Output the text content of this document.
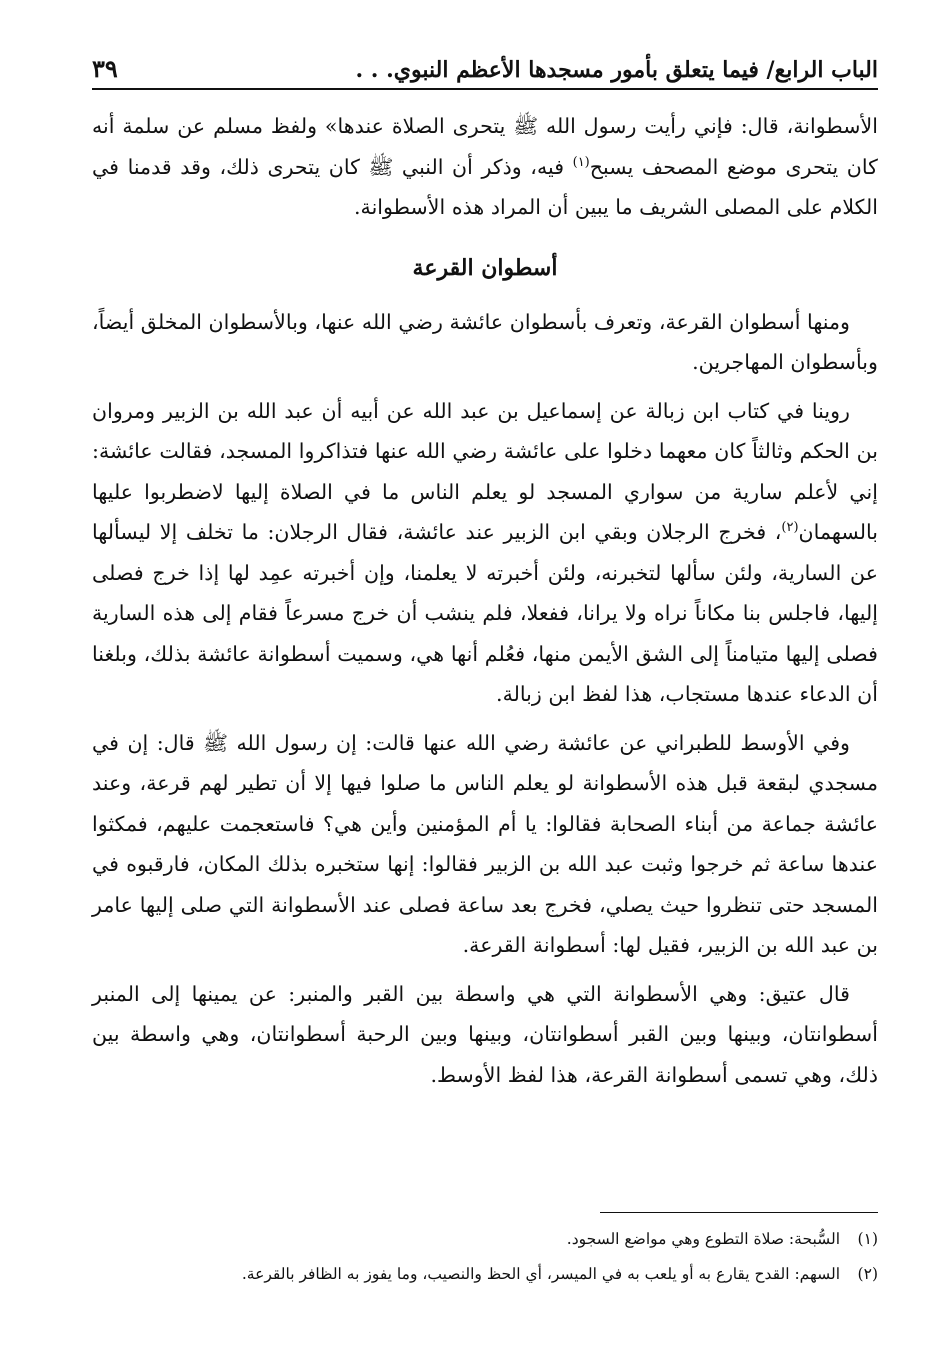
الباب الرابع/ فيما يتعلق بأمور مسجدها الأعظم النبوي. . .
٣٩

الأسطوانة، قال: فإني رأيت رسول الله ﷺ يتحرى الصلاة عندها» ولفظ مسلم عن سلمة أنه كان يتحرى موضع المصحف يسبح$^{(١)}$ فيه، وذكر أن النبي ﷺ كان يتحرى ذلك، وقد قدمنا في الكلام على المصلى الشريف ما يبين أن المراد هذه الأسطوانة.

أسطوان القرعة

ومنها أسطوان القرعة، وتعرف بأسطوان عائشة رضي الله عنها، وبالأسطوان المخلق أيضاً، وبأسطوان المهاجرين.

روينا في كتاب ابن زبالة عن إسماعيل بن عبد الله عن أبيه أن عبد الله بن الزبير ومروان بن الحكم وثالثاً كان معهما دخلوا على عائشة رضي الله عنها فتذاكروا المسجد، فقالت عائشة: إني لأعلم سارية من سواري المسجد لو يعلم الناس ما في الصلاة إليها لاضطربوا عليها بالسهمان$^{(٢)}$، فخرج الرجلان وبقي ابن الزبير عند عائشة، فقال الرجلان: ما تخلف إلا ليسألها عن السارية، ولئن سألها لتخبرنه، ولئن أخبرته لا يعلمنا، وإن أخبرته عمِد لها إذا خرج فصلى إليها، فاجلس بنا مكاناً نراه ولا يرانا، ففعلا، فلم ينشب أن خرج مسرعاً فقام إلى هذه السارية فصلى إليها متيامناً إلى الشق الأيمن منها، فعُلم أنها هي، وسميت أسطوانة عائشة بذلك، وبلغنا أن الدعاء عندها مستجاب، هذا لفظ ابن زبالة.

وفي الأوسط للطبراني عن عائشة رضي الله عنها قالت: إن رسول الله ﷺ قال: إن في مسجدي لبقعة قبل هذه الأسطوانة لو يعلم الناس ما صلوا فيها إلا أن تطير لهم قرعة، وعند عائشة جماعة من أبناء الصحابة فقالوا: يا أم المؤمنين وأين هي؟ فاستعجمت عليهم، فمكثوا عندها ساعة ثم خرجوا وثبت عبد الله بن الزبير فقالوا: إنها ستخبره بذلك المكان، فارقبوه في المسجد حتى تنظروا حيث يصلي، فخرج بعد ساعة فصلى عند الأسطوانة التي صلى إليها عامر بن عبد الله بن الزبير، فقيل لها: أسطوانة القرعة.

قال عتيق: وهي الأسطوانة التي هي واسطة بين القبر والمنبر: عن يمينها إلى المنبر أسطوانتان، وبينها وبين القبر أسطوانتان، وبينها وبين الرحبة أسطوانتان، وهي واسطة بين ذلك، وهي تسمى أسطوانة القرعة، هذا لفظ الأوسط.

(١)السُّبحة: صلاة التطوع وهي مواضع السجود.

(٢)السهم: القدح يقارع به أو يلعب به في الميسر، أي الحظ والنصيب، وما يفوز به الظافر بالقرعة.
